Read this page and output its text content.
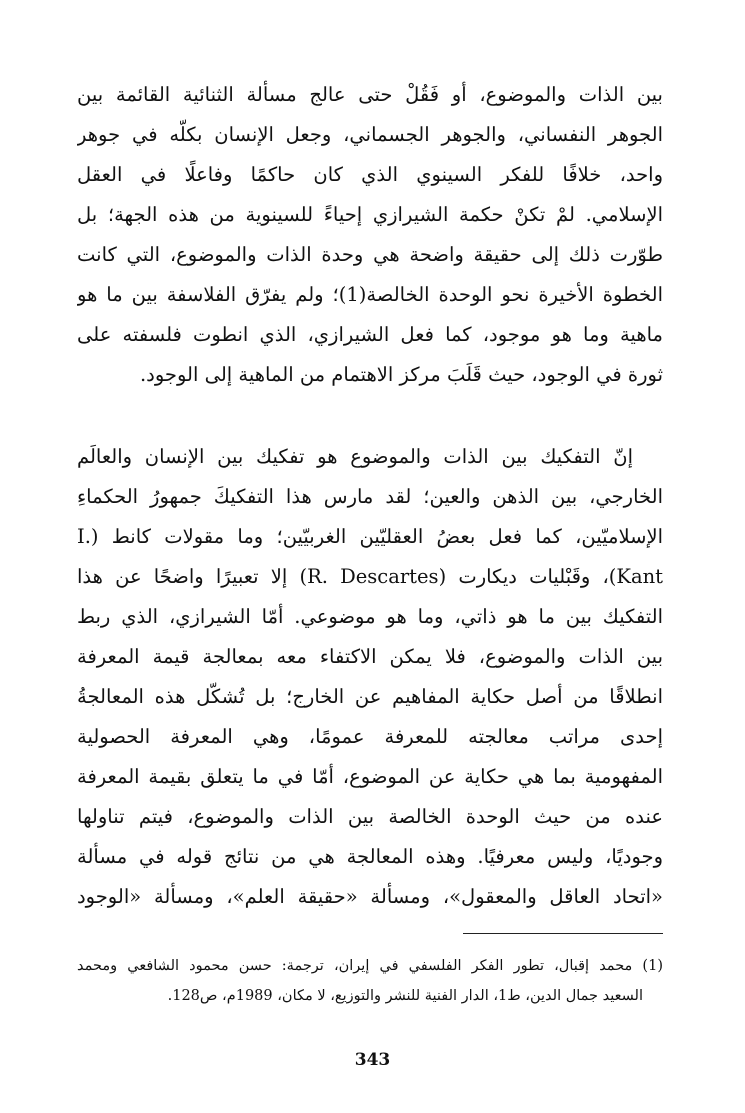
بين الذات والموضوع، أو فَقُلْ حتى عالج مسألة الثنائية القائمة بين
الجوهر النفساني، والجوهر الجسماني، وجعل الإنسان بكلّه في جوهر
واحد، خلافًا للفكر السينوي الذي كان حاكمًا وفاعلًا في العقل
الإسلامي. لمْ تكنْ حكمة الشيرازي إحياءً للسينوية من هذه الجهة؛ بل
طوّرت ذلك إلى حقيقة واضحة هي وحدة الذات والموضوع، التي كانت
الخطوة الأخيرة نحو الوحدة الخالصة(1)؛ ولم يفرّق الفلاسفة بين ما هو
ماهية وما هو موجود، كما فعل الشيرازي، الذي انطوت فلسفته على
ثورة في الوجود، حيث قَلَبَ مركز الاهتمام من الماهية إلى الوجود.
إنّ التفكيك بين الذات والموضوع هو تفكيك بين الإنسان والعالَم
الخارجي، بين الذهن والعين؛ لقد مارس هذا التفكيكَ جمهورُ الحكماءِ
الإسلاميّين، كما فعل بعضُ العقليّين الغربيّين؛ وما مقولات كانط (.I
Kant)، وقَبْليات ديكارت (R. Descartes) إلا تعبيرًا واضحًا عن هذا
التفكيك بين ما هو ذاتي، وما هو موضوعي. أمّا الشيرازي، الذي ربط
بين الذات والموضوع، فلا يمكن الاكتفاء معه بمعالجة قيمة المعرفة
انطلاقًا من أصل حكاية المفاهيم عن الخارج؛ بل تُشكّل هذه المعالجةُ
إحدى مراتب معالجته للمعرفة عمومًا، وهي المعرفة الحصولية
المفهومية بما هي حكاية عن الموضوع، أمّا في ما يتعلق بقيمة المعرفة
عنده من حيث الوحدة الخالصة بين الذات والموضوع، فيتم تناولها
وجوديًا، وليس معرفيًا. وهذه المعالجة هي من نتائج قوله في مسألة
«اتحاد العاقل والمعقول»، ومسألة «حقيقة العلم»، ومسألة «الوجود
(1) محمد إقبال، تطور الفكر الفلسفي في إيران، ترجمة: حسن محمود الشافعي ومحمد
السعيد جمال الدين، ط1، الدار الفنية للنشر والتوزيع، لا مكان، 1989م، ص128.
343
